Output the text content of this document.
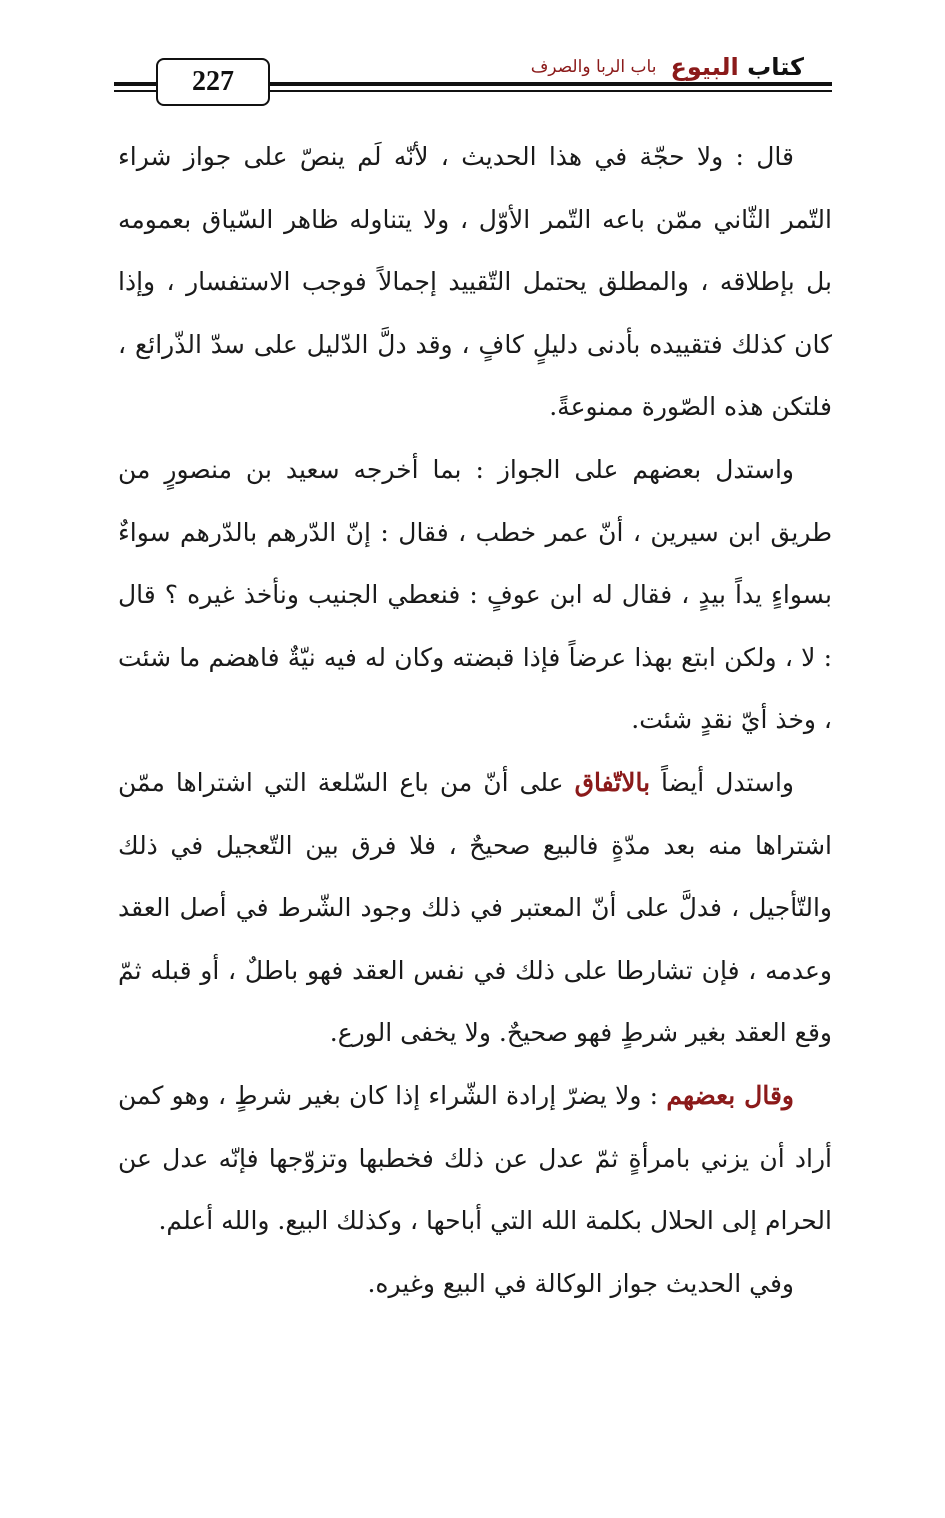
227	كتاب البيوع
باب الربا والصرف

قال : ولا حجّة في هذا الحديث ، لأنّه لَم ينصّ على جواز شراء التّمر الثّاني ممّن باعه التّمر الأوّل ، ولا يتناوله ظاهر السّياق بعمومه بل بإطلاقه ، والمطلق يحتمل التّقييد إجمالاً فوجب الاستفسار ، وإذا كان كذلك فتقييده بأدنى دليلٍ كافٍ ، وقد دلَّ الدّليل على سدّ الذّرائع ، فلتكن هذه الصّورة ممنوعةً.

واستدل بعضهم على الجواز : بما أخرجه سعيد بن منصورٍ من طريق ابن سيرين ، أنّ عمر خطب ، فقال : إنّ الدّرهم بالدّرهم سواءٌ بسواءٍ يداً بيدٍ ، فقال له ابن عوفٍ : فنعطي الجنيب ونأخذ غيره ؟ قال : لا ، ولكن ابتع بهذا عرضاً فإذا قبضته وكان له فيه نيّةٌ فاهضم ما شئت ، وخذ أيّ نقدٍ شئت.

واستدل أيضاً بالاتّفاق على أنّ من باع السّلعة التي اشتراها ممّن اشتراها منه بعد مدّةٍ فالبيع صحيحٌ ، فلا فرق بين التّعجيل في ذلك والتّأجيل ، فدلَّ على أنّ المعتبر في ذلك وجود الشّرط في أصل العقد وعدمه ، فإن تشارطا على ذلك في نفس العقد فهو باطلٌ ، أو قبله ثمّ وقع العقد بغير شرطٍ فهو صحيحٌ. ولا يخفى الورع.

وقال بعضهم : ولا يضرّ إرادة الشّراء إذا كان بغير شرطٍ ، وهو كمن أراد أن يزني بامرأةٍ ثمّ عدل عن ذلك فخطبها وتزوّجها فإنّه عدل عن الحرام إلى الحلال بكلمة الله التي أباحها ، وكذلك البيع. والله أعلم.

وفي الحديث جواز الوكالة في البيع وغيره.
